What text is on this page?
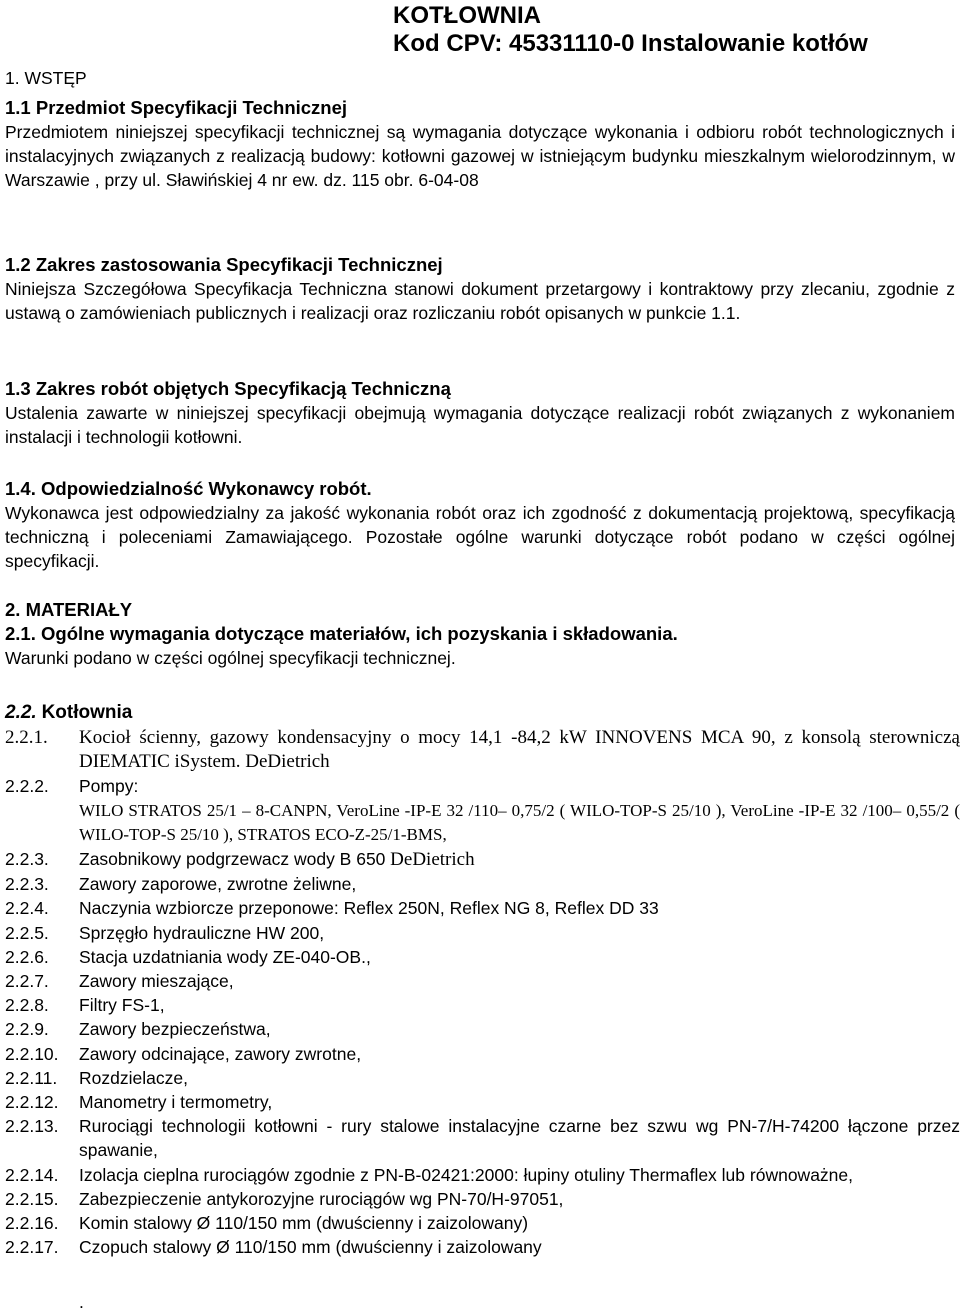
KOTŁOWNIA
Kod CPV: 45331110-0 Instalowanie kotłów
1. WSTĘP
1.1 Przedmiot Specyfikacji Technicznej
Przedmiotem niniejszej specyfikacji technicznej są wymagania dotyczące wykonania i odbioru robót technologicznych i instalacyjnych związanych z realizacją budowy: kotłowni gazowej w istniejącym budynku mieszkalnym wielorodzinnym, w Warszawie , przy ul. Sławińskiej 4 nr ew. dz. 115 obr. 6-04-08
1.2 Zakres zastosowania Specyfikacji Technicznej
Niniejsza Szczegółowa Specyfikacja Techniczna stanowi dokument przetargowy i kontraktowy przy zlecaniu, zgodnie z ustawą o zamówieniach publicznych i realizacji oraz rozliczaniu robót opisanych w punkcie 1.1.
1.3 Zakres robót objętych Specyfikacją Techniczną
Ustalenia zawarte w niniejszej specyfikacji obejmują wymagania dotyczące realizacji robót związanych z wykonaniem instalacji i technologii kotłowni.
1.4. Odpowiedzialność Wykonawcy robót.
Wykonawca jest odpowiedzialny za jakość wykonania robót oraz ich zgodność z dokumentacją projektową, specyfikacją techniczną i poleceniami Zamawiającego. Pozostałe ogólne warunki dotyczące robót podano w części ogólnej specyfikacji.
2. MATERIAŁY
2.1. Ogólne wymagania dotyczące materiałów, ich pozyskania i składowania.
Warunki podano w części ogólnej specyfikacji technicznej.
2.2. Kotłownia
2.2.1.	Kocioł ścienny, gazowy kondensacyjny o mocy 14,1 -84,2 kW INNOVENS MCA 90, z konsolą sterowniczą DIEMATIC iSystem. DeDietrich
2.2.2.	Pompy:
WILO STRATOS 25/1 – 8-CANPN, VeroLine -IP-E 32 /110– 0,75/2 ( WILO-TOP-S 25/10 ), VeroLine -IP-E 32 /100– 0,55/2 ( WILO-TOP-S 25/10 ), STRATOS ECO-Z-25/1-BMS,
2.2.3.	Zasobnikowy podgrzewacz wody B 650 DeDietrich
2.2.3.	Zawory zaporowe, zwrotne żeliwne,
2.2.4.	Naczynia wzbiorcze przeponowe: Reflex 250N, Reflex NG 8, Reflex DD 33
2.2.5.	Sprzęgło hydrauliczne HW 200,
2.2.6.	Stacja uzdatniania wody ZE-040-OB.,
2.2.7.	Zawory mieszające,
2.2.8.	Filtry FS-1,
2.2.9.	Zawory bezpieczeństwa,
2.2.10.	Zawory odcinające, zawory zwrotne,
2.2.11.	Rozdzielacze,
2.2.12.	Manometry i termometry,
2.2.13.	Rurociągi technologii kotłowni - rury stalowe instalacyjne czarne bez szwu wg PN-7/H-74200 łączone przez spawanie,
2.2.14.	Izolacja cieplna rurociągów zgodnie z PN-B-02421:2000: łupiny otuliny Thermaflex lub równoważne,
2.2.15.	Zabezpieczenie antykorozyjne rurociągów wg PN-70/H-97051,
2.2.16.	Komin stalowy Ø 110/150 mm (dwuścienny i zaizolowany)
2.2.17.	Czopuch stalowy Ø 110/150 mm (dwuścienny i zaizolowany
.
